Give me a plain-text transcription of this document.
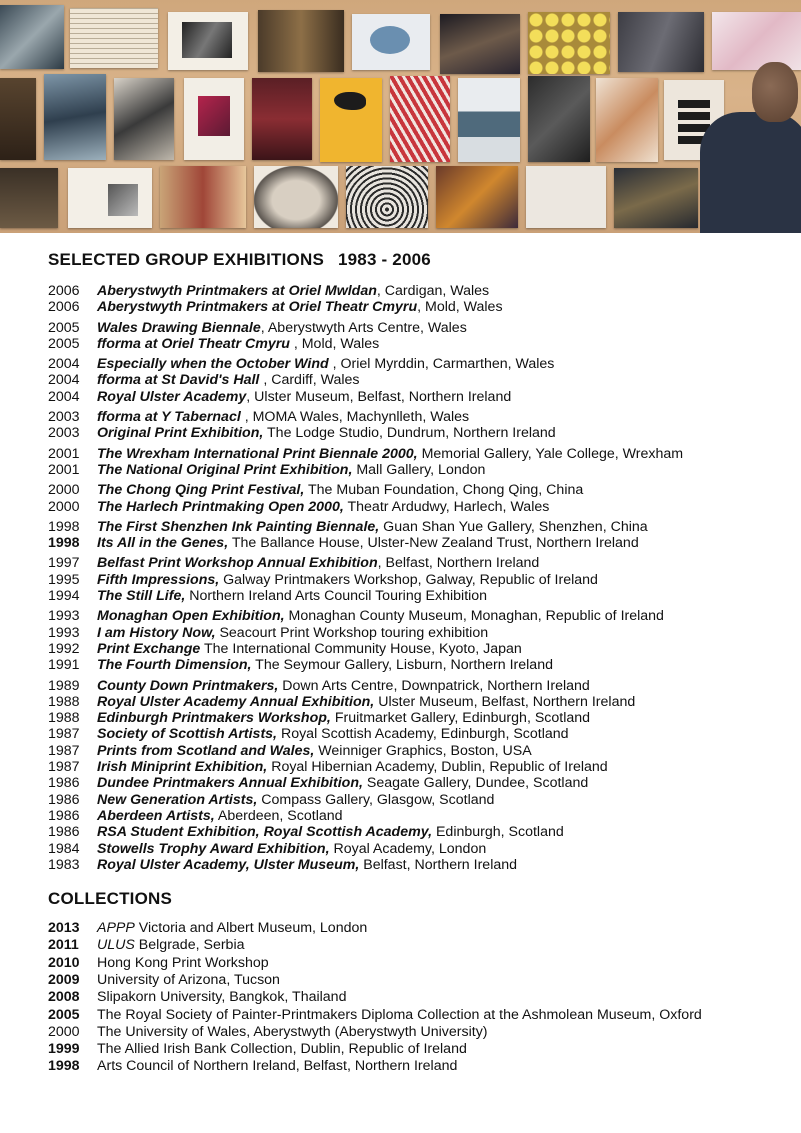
SELECTED GROUP EXHIBITIONS 1983 - 2006
2006	Aberystwyth Printmakers at Oriel Mwldan, Cardigan, Wales
2006	Aberystwyth Printmakers at Oriel Theatr Cmyru, Mold, Wales
2005	Wales Drawing Biennale, Aberystwyth Arts Centre, Wales
2005	fforma at Oriel Theatr Cmyru , Mold, Wales
2004	Especially when the October Wind , Oriel Myrddin, Carmarthen, Wales
2004	fforma at St David's Hall , Cardiff, Wales
2004	Royal Ulster Academy, Ulster Museum, Belfast, Northern Ireland
2003	fforma at Y Tabernacl , MOMA Wales, Machynlleth, Wales
2003	Original Print Exhibition, The Lodge Studio, Dundrum, Northern Ireland
2001	The Wrexham International Print Biennale 2000, Memorial Gallery, Yale College, Wrexham
2001	The National Original Print Exhibition, Mall Gallery, London
2000	The Chong Qing Print Festival, The Muban Foundation, Chong Qing, China
2000	The Harlech Printmaking Open 2000, Theatr Ardudwy, Harlech, Wales
1998	The First Shenzhen Ink Painting Biennale, Guan Shan Yue Gallery, Shenzhen, China
1998	Its All in the Genes, The Ballance House, Ulster-New Zealand Trust, Northern Ireland
1997	Belfast Print Workshop Annual Exhibition, Belfast, Northern Ireland
1995	Fifth Impressions, Galway Printmakers Workshop, Galway, Republic of Ireland
1994	The Still Life, Northern Ireland Arts Council Touring Exhibition
1993	Monaghan Open Exhibition, Monaghan County Museum, Monaghan, Republic of Ireland
1993	I am History Now, Seacourt Print Workshop touring exhibition
1992	Print Exchange The International Community House, Kyoto, Japan
1991	The Fourth Dimension, The Seymour Gallery, Lisburn, Northern Ireland
1989	County Down Printmakers, Down Arts Centre, Downpatrick, Northern Ireland
1988	Royal Ulster Academy Annual Exhibition, Ulster Museum, Belfast, Northern Ireland
1988	Edinburgh Printmakers Workshop, Fruitmarket Gallery, Edinburgh, Scotland
1987	Society of Scottish Artists, Royal Scottish Academy, Edinburgh, Scotland
1987	Prints from Scotland and Wales, Weinniger Graphics, Boston, USA
1987	Irish Miniprint Exhibition, Royal Hibernian Academy, Dublin, Republic of Ireland
1986	Dundee Printmakers Annual Exhibition, Seagate Gallery, Dundee, Scotland
1986	New Generation Artists, Compass Gallery, Glasgow, Scotland
1986	Aberdeen Artists, Aberdeen, Scotland
1986	RSA Student Exhibition, Royal Scottish Academy, Edinburgh, Scotland
1984	Stowells Trophy Award Exhibition, Royal Academy, London
1983	Royal Ulster Academy, Ulster Museum, Belfast, Northern Ireland
COLLECTIONS
2013	APPP Victoria and Albert Museum, London
2011	ULUS Belgrade, Serbia
2010	Hong Kong Print Workshop
2009	University of Arizona, Tucson
2008	Slipakorn University, Bangkok, Thailand
2005	The Royal Society of Painter-Printmakers Diploma Collection at the Ashmolean Museum, Oxford
2000	The University of Wales, Aberystwyth (Aberystwyth University)
1999	The Allied Irish Bank Collection, Dublin, Republic of Ireland
1998	Arts Council of Northern Ireland, Belfast, Northern Ireland
